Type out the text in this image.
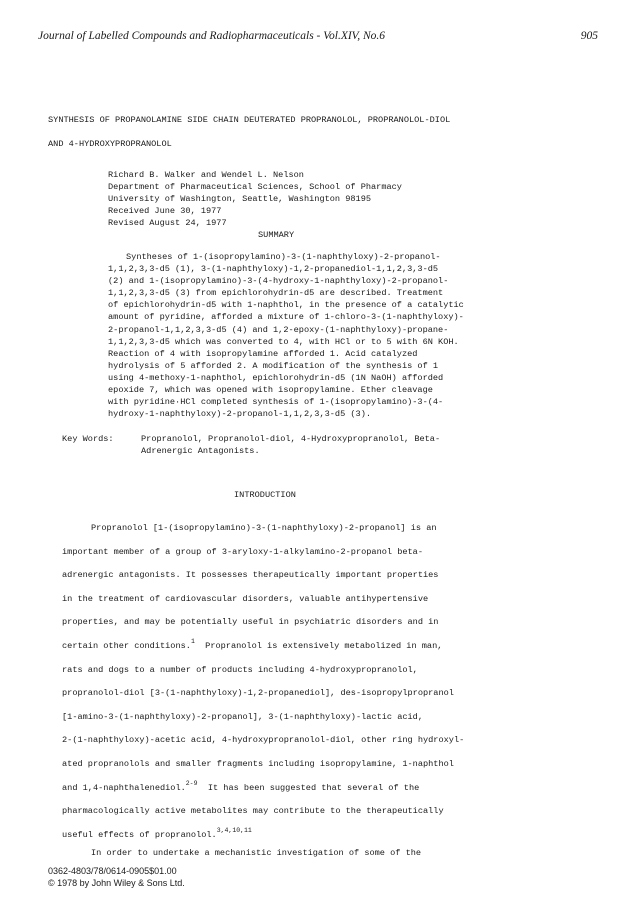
Journal of Labelled Compounds and Radiopharmaceuticals - Vol.XIV, No.6	905
SYNTHESIS OF PROPANOLAMINE SIDE CHAIN DEUTERATED PROPRANOLOL, PROPRANOLOL-DIOL
AND 4-HYDROXYPROPRANOLOL
Richard B. Walker and Wendel L. Nelson
Department of Pharmaceutical Sciences, School of Pharmacy
University of Washington, Seattle, Washington 98195
Received June 30, 1977
Revised August 24, 1977
SUMMARY
Syntheses of 1-(isopropylamino)-3-(1-naphthyloxy)-2-propanol-
1,1,2,3,3-d5 (1), 3-(1-naphthyloxy)-1,2-propanediol-1,1,2,3,3-d5
(2) and 1-(isopropylamino)-3-(4-hydroxy-1-naphthyloxy)-2-propanol-
1,1,2,3,3-d5 (3) from epichlorohydrin-d5 are described. Treatment
of epichlorohydrin-d5 with 1-naphthol, in the presence of a catalytic
amount of pyridine, afforded a mixture of 1-chloro-3-(1-naphthyloxy)-
2-propanol-1,1,2,3,3-d5 (4) and 1,2-epoxy-(1-naphthyloxy)-propane-
1,1,2,3,3-d5 which was converted to 4, with HCl or to 5 with 6N KOH.
Reaction of 4 with isopropylamine afforded 1. Acid catalyzed
hydrolysis of 5 afforded 2. A modification of the synthesis of 1
using 4-methoxy-1-naphthol, epichlorohydrin-d5 (1N NaOH) afforded
epoxide 7, which was opened with isopropylamine. Ether cleavage
with pyridine·HCl completed synthesis of 1-(isopropylamino)-3-(4-
hydroxy-1-naphthyloxy)-2-propanol-1,1,2,3,3-d5 (3).
Key Words:	Propranolol, Propranolol-diol, 4-Hydroxypropranolol, Beta-
Adrenergic Antagonists.
INTRODUCTION
Propranolol [1-(isopropylamino)-3-(1-naphthyloxy)-2-propanol] is an
important member of a group of 3-aryloxy-1-alkylamino-2-propanol beta-
adrenergic antagonists. It possesses therapeutically important properties
in the treatment of cardiovascular disorders, valuable antihypertensive
properties, and may be potentially useful in psychiatric disorders and in
certain other conditions.$^1$ Propranolol is extensively metabolized in man,
rats and dogs to a number of products including 4-hydroxypropranolol,
propranolol-diol [3-(1-naphthyloxy)-1,2-propanediol], des-isopropylpropranol
[1-amino-3-(1-naphthyloxy)-2-propanol], 3-(1-naphthyloxy)-lactic acid,
2-(1-naphthyloxy)-acetic acid, 4-hydroxypropranolol-diol, other ring hydroxyl-
ated propranolols and smaller fragments including isopropylamine, 1-naphthol
and 1,4-naphthalenediol.$^{2-9}$ It has been suggested that several of the
pharmacologically active metabolites may contribute to the therapeutically
useful effects of propranolol.$^{3,4,10,11}$
In order to undertake a mechanistic investigation of some of the
0362-4803/78/0614-0905$01.00
© 1978 by John Wiley & Sons Ltd.
